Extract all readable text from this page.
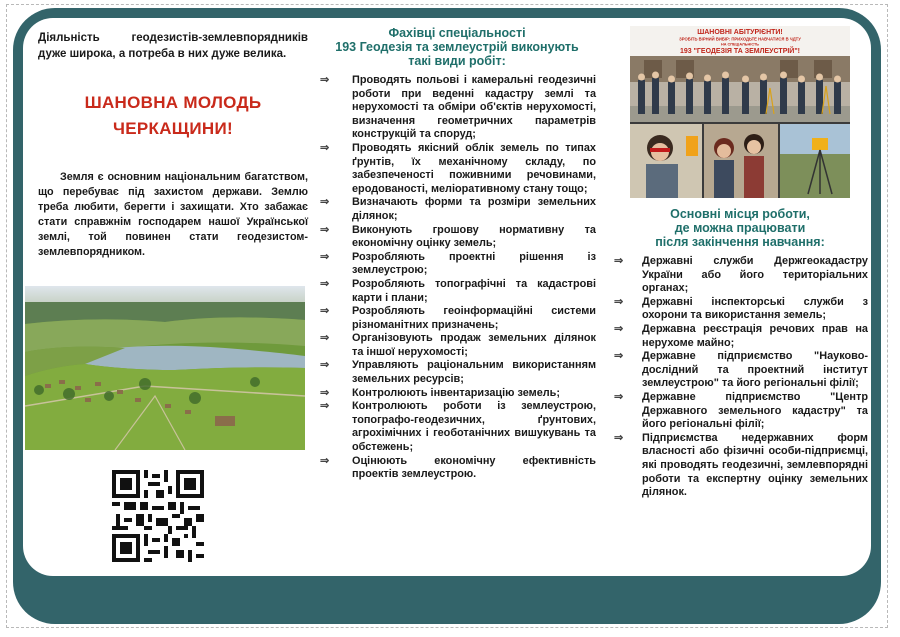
Діяльність геодезистів-землевпорядників дуже широка, а потреба в них дуже велика.

ШАНОВНА МОЛОДЬ
ЧЕРКАЩИНИ!

Земля є основним національним багатством, що перебуває під захистом держави. Землю треба любити, берегти і захищати. Хто забажає стати справжнім господарем нашої Української землі, той повинен стати геодезистом-землевпорядником.

Фахівці спеціальності
193 Геодезія та землеустрій виконують
такі види робіт:
⇒ Проводять польові і камеральні геодезичні роботи при веденні кадастру землі та нерухомості та обміри об'єктів нерухомості, визначення геометричних параметрів конструкцій та споруд;
⇒ Проводять якісний облік земель по типах ґрунтів, їх механічному складу, по забезпеченості поживними речовинами, еродованості, меліоративному стану тощо;
⇒ Визначають форми та розміри земельних ділянок;
⇒ Виконують грошову нормативну та економічну оцінку земель;
⇒ Розробляють проектні рішення із землеустрою;
⇒ Розробляють топографічні та кадастрові карти і плани;
⇒ Розробляють геоінформаційні системи різноманітних призначень;
⇒ Організовують продаж земельних ділянок та іншої нерухомості;
⇒ Управляють раціональним використанням земельних ресурсів;
⇒ Контролюють інвентаризацію земель;
⇒ Контролюють роботи із землеустрою, топографо-геодезичних, ґрунтових, агрохімічних і геоботанічних вишукувань та обстежень;
⇒ Оцінюють економічну ефективність проектів землеустрою.
ШАНОВНІ АБІТУРІЄНТИ!
ЗРОБІТЬ ВІРНИЙ ВИБІР: ПРИХОДЬТЕ НАВЧАТИСЯ В ЧДТУ
НА СПЕЦІАЛЬНІСТЬ
193 "ГЕОДЕЗІЯ ТА ЗЕМЛЕУСТРІЙ"!
Основні місця роботи,
де можна працювати
після закінчення навчання:
⇒ Державні служби Держгеокадастру України або його територіальних органах;
⇒ Державні інспекторські служби з охорони та використання земель;
⇒ Державна реєстрація речових прав на нерухоме майно;
⇒ Державне підприємство "Науково-дослідний та проектний інститут землеустрою" та його регіональні філії;
⇒ Державне підприємство "Центр Державного земельного кадастру" та його регіональні філії;
⇒ Підприємства недержавних форм власності або фізичні особи-підприємці, які проводять геодезичні, землевпорядні роботи та експертну оцінку земельних ділянок.
